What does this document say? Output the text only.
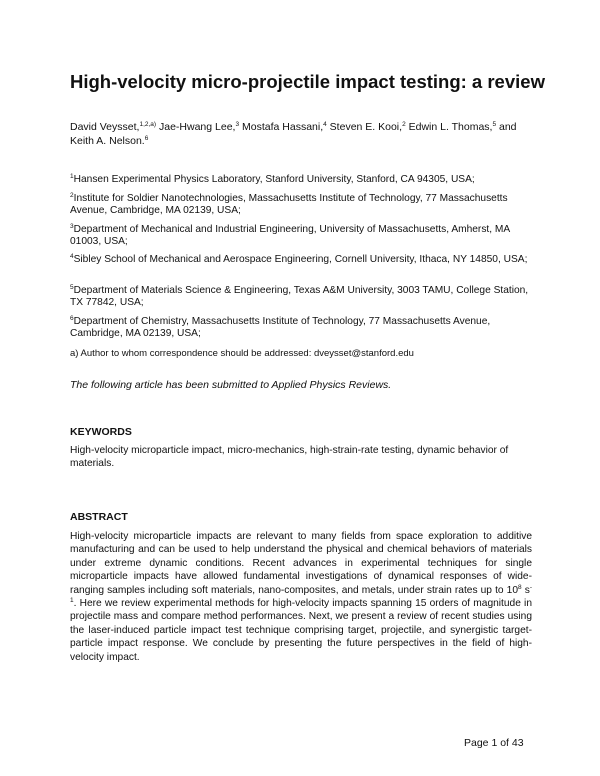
High-velocity micro-projectile impact testing: a review
David Veysset,$^{1,2,a)}$ Jae-Hwang Lee,$^3$ Mostafa Hassani,$^4$ Steven E. Kooi,$^2$ Edwin L. Thomas,$^5$ and
Keith A. Nelson.$^6$
$^1$Hansen Experimental Physics Laboratory, Stanford University, Stanford, CA 94305, USA;
$^2$Institute for Soldier Nanotechnologies, Massachusetts Institute of Technology, 77 Massachusetts Avenue, Cambridge, MA 02139, USA;
$^3$Department of Mechanical and Industrial Engineering, University of Massachusetts, Amherst, MA 01003, USA;
$^4$Sibley School of Mechanical and Aerospace Engineering, Cornell University, Ithaca, NY 14850, USA;
$^5$Department of Materials Science & Engineering, Texas A&M University, 3003 TAMU, College Station, TX 77842, USA;
$^6$Department of Chemistry, Massachusetts Institute of Technology, 77 Massachusetts Avenue, Cambridge, MA 02139, USA;
a) Author to whom correspondence should be addressed: dveysset@stanford.edu
The following article has been submitted to Applied Physics Reviews.
KEYWORDS
High-velocity microparticle impact, micro-mechanics, high-strain-rate testing, dynamic behavior of materials.
ABSTRACT
High-velocity microparticle impacts are relevant to many fields from space exploration to additive manufacturing and can be used to help understand the physical and chemical behaviors of materials under extreme dynamic conditions. Recent advances in experimental techniques for single microparticle impacts have allowed fundamental investigations of dynamical responses of wide-ranging samples including soft materials, nano-composites, and metals, under strain rates up to $10^8$ $s^{-1}$. Here we review experimental methods for high-velocity impacts spanning 15 orders of magnitude in projectile mass and compare method performances. Next, we present a review of recent studies using the laser-induced particle impact test technique comprising target, projectile, and synergistic target-particle impact response. We conclude by presenting the future perspectives in the field of high-velocity impact.
Page 1 of 43
